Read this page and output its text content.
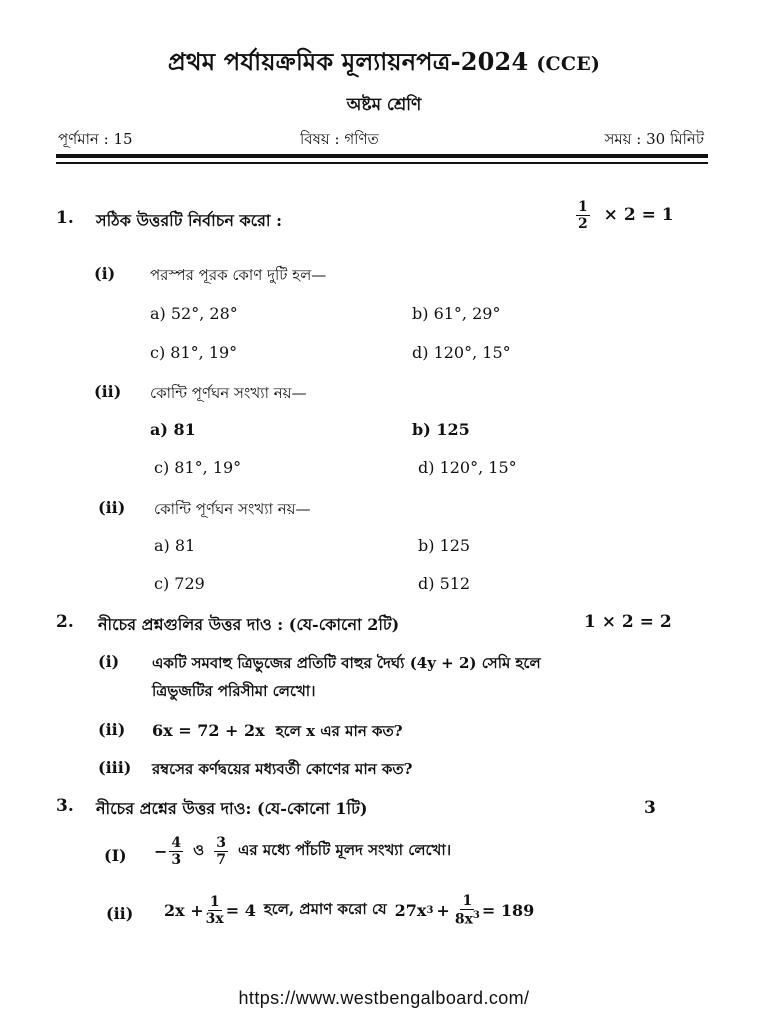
প্রথম পর্যায়ক্রমিক মূল্যায়নপত্র-2024 (CCE)
অষ্টম শ্রেণি
পূর্ণমান : 15	বিষয় : গণিত	সময় : 30 মিনিট
1. সঠিক উত্তরটি নির্বাচন করো :	$\frac{1}{2} \times 2 = 1$
(i) পরস্পর পূরক কোণ দুটি হল—
a) 52°, 28°	b) 61°, 29°
c) 81°, 19°	d) 120°, 15°
(ii) কোন্টি পূর্ণঘন সংখ্যা নয়—
a) 81	b) 125
c) 81°, 19°	d) 120°, 15°
(ii) কোন্টি পূর্ণঘন সংখ্যা নয়—
a) 81	b) 125
c) 729	d) 512
2. নীচের প্রশ্নগুলির উত্তর দাও : (যে-কোনো 2টি)	1 × 2 = 2
(i) একটি সমবাহু ত্রিভুজের প্রতিটি বাহুর দৈর্ঘ্য (4y + 2) সেমি হলে
ত্রিভুজটির পরিসীমা লেখো।
(ii) 6x = 72 + 2x হলে x এর মান কত?
(iii) রম্বসের কর্ণদ্বয়ের মধ্যবর্তী কোণের মান কত?
3. নীচের প্রশ্নের উত্তর দাও: (যে-কোনো 1টি)	3
$(I) - \frac{4}{3}$ ও $\frac{3}{7}$ এর মধ্যে পাঁচটি মূলদ সংখ্যা লেখো।
(ii) $2x + \frac{1}{3x} = 4$ হলে, প্রমাণ করো যে 27x $3 + \frac{1}{8x^3} = 189$
https://www.westbengalboard.com/
